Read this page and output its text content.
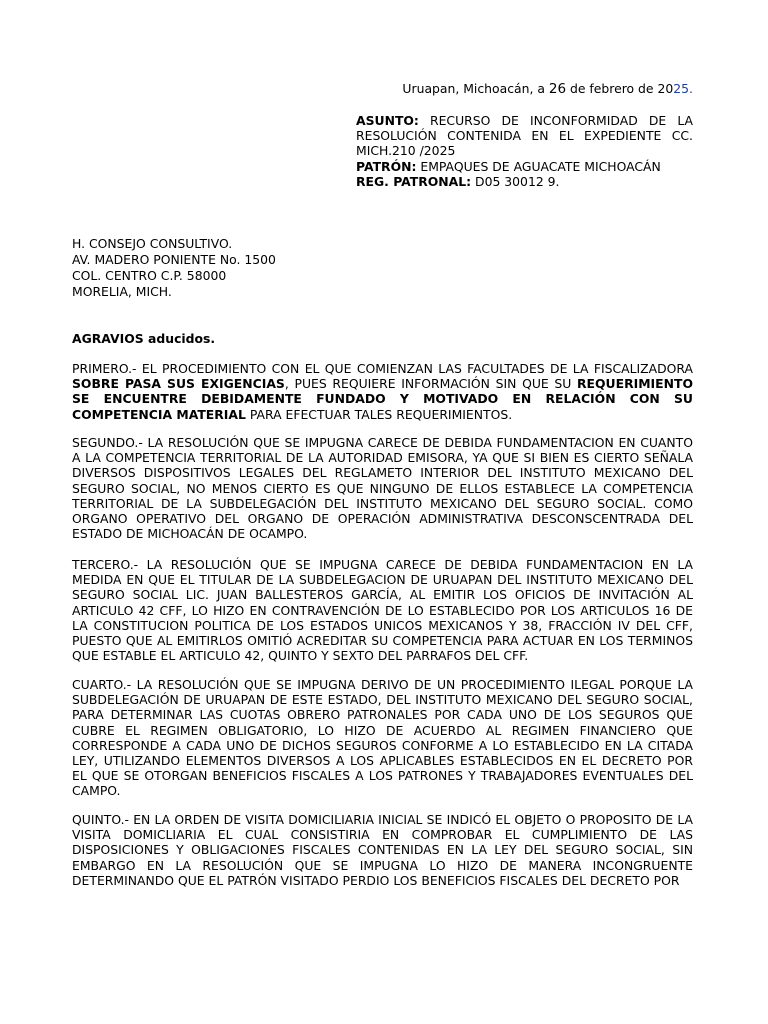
Uruapan, Michoacán, a 26 de febrero de 2025.
ASUNTO: RECURSO DE INCONFORMIDAD DE LA RESOLUCIÓN CONTENIDA EN EL EXPEDIENTE CC. MICH.210 /2025
PATRÓN: EMPAQUES DE AGUACATE MICHOACÁN
REG. PATRONAL: D05 30012 9.
H. CONSEJO CONSULTIVO.
AV. MADERO PONIENTE No. 1500
COL. CENTRO C.P. 58000
MORELIA, MICH.

AGRAVIOS aducidos.

PRIMERO.- EL PROCEDIMIENTO CON EL QUE COMIENZAN LAS FACULTADES DE LA FISCALIZADORA SOBRE PASA SUS EXIGENCIAS, PUES REQUIERE INFORMACIÓN SIN QUE SU REQUERIMIENTO SE ENCUENTRE DEBIDAMENTE FUNDADO Y MOTIVADO EN RELACIÓN CON SU COMPETENCIA MATERIAL PARA EFECTUAR TALES REQUERIMIENTOS.

SEGUNDO.- LA RESOLUCIÓN QUE SE IMPUGNA CARECE DE DEBIDA FUNDAMENTACION EN CUANTO A LA COMPETENCIA TERRITORIAL DE LA AUTORIDAD EMISORA, YA QUE SI BIEN ES CIERTO SEÑALA DIVERSOS DISPOSITIVOS LEGALES DEL REGLAMETO INTERIOR DEL INSTITUTO MEXICANO DEL SEGURO SOCIAL, NO MENOS CIERTO ES QUE NINGUNO DE ELLOS ESTABLECE LA COMPETENCIA TERRITORIAL DE LA SUBDELEGACIÓN DEL INSTITUTO MEXICANO DEL SEGURO SOCIAL. COMO ORGANO OPERATIVO DEL ORGANO DE OPERACIÓN ADMINISTRATIVA DESCONSCENTRADA DEL ESTADO DE MICHOACÁN DE OCAMPO.

TERCERO.- LA RESOLUCIÓN QUE SE IMPUGNA CARECE DE DEBIDA FUNDAMENTACION EN LA MEDIDA EN QUE EL TITULAR DE LA SUBDELEGACION DE URUAPAN DEL INSTITUTO MEXICANO DEL SEGURO SOCIAL LIC. JUAN BALLESTEROS GARCÍA, AL EMITIR LOS OFICIOS DE INVITACIÓN AL ARTICULO 42 CFF, LO HIZO EN CONTRAVENCIÓN DE LO ESTABLECIDO POR LOS ARTICULOS 16 DE LA CONSTITUCION POLITICA DE LOS ESTADOS UNICOS MEXICANOS Y 38, FRACCIÓN IV DEL CFF, PUESTO QUE AL EMITIRLOS OMITIÓ ACREDITAR SU COMPETENCIA PARA ACTUAR EN LOS TERMINOS QUE ESTABLE EL ARTICULO 42, QUINTO Y SEXTO DEL PARRAFOS DEL CFF.

CUARTO.- LA RESOLUCIÓN QUE SE IMPUGNA DERIVO DE UN PROCEDIMIENTO ILEGAL PORQUE LA SUBDELEGACIÓN DE URUAPAN DE ESTE ESTADO, DEL INSTITUTO MEXICANO DEL SEGURO SOCIAL, PARA DETERMINAR LAS CUOTAS OBRERO PATRONALES POR CADA UNO DE LOS SEGUROS QUE CUBRE EL REGIMEN OBLIGATORIO, LO HIZO DE ACUERDO AL REGIMEN FINANCIERO QUE CORRESPONDE A CADA UNO DE DICHOS SEGUROS CONFORME A LO ESTABLECIDO EN LA CITADA LEY, UTILIZANDO ELEMENTOS DIVERSOS A LOS APLICABLES ESTABLECIDOS EN EL DECRETO POR EL QUE SE OTORGAN BENEFICIOS FISCALES A LOS PATRONES Y TRABAJADORES EVENTUALES DEL CAMPO.

QUINTO.- EN LA ORDEN DE VISITA DOMICILIARIA INICIAL SE INDICÓ EL OBJETO O PROPOSITO DE LA VISITA DOMICLIARIA EL CUAL CONSISTIRIA EN COMPROBAR EL CUMPLIMIENTO DE LAS DISPOSICIONES Y OBLIGACIONES FISCALES CONTENIDAS EN LA LEY DEL SEGURO SOCIAL, SIN EMBARGO EN LA RESOLUCIÓN QUE SE IMPUGNA LO HIZO DE MANERA INCONGRUENTE DETERMINANDO QUE EL PATRÓN VISITADO PERDIO LOS BENEFICIOS FISCALES DEL DECRETO POR
